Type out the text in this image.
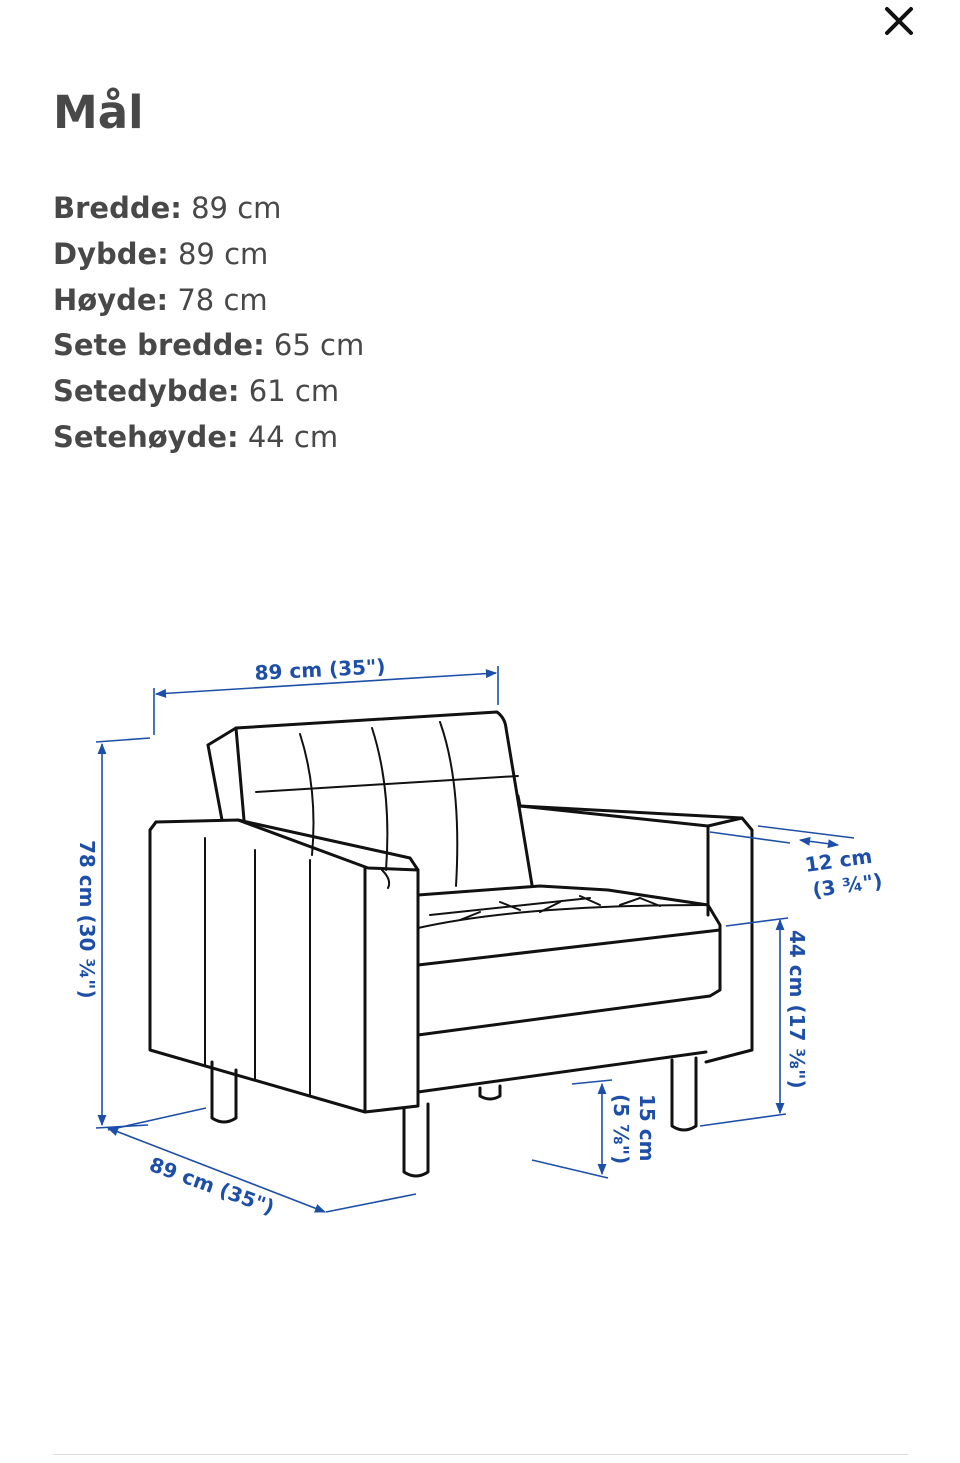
Mål
Bredde: 89 cm
Dybde: 89 cm
Høyde: 78 cm
Sete bredde: 65 cm
Setedybde: 61 cm
Setehøyde: 44 cm
89 cm (35")
78 cm (30 ¾")
89 cm (35")
12 cm (3 ¾")
44 cm (17 ⅜")
15 cm (5 ⅞")
